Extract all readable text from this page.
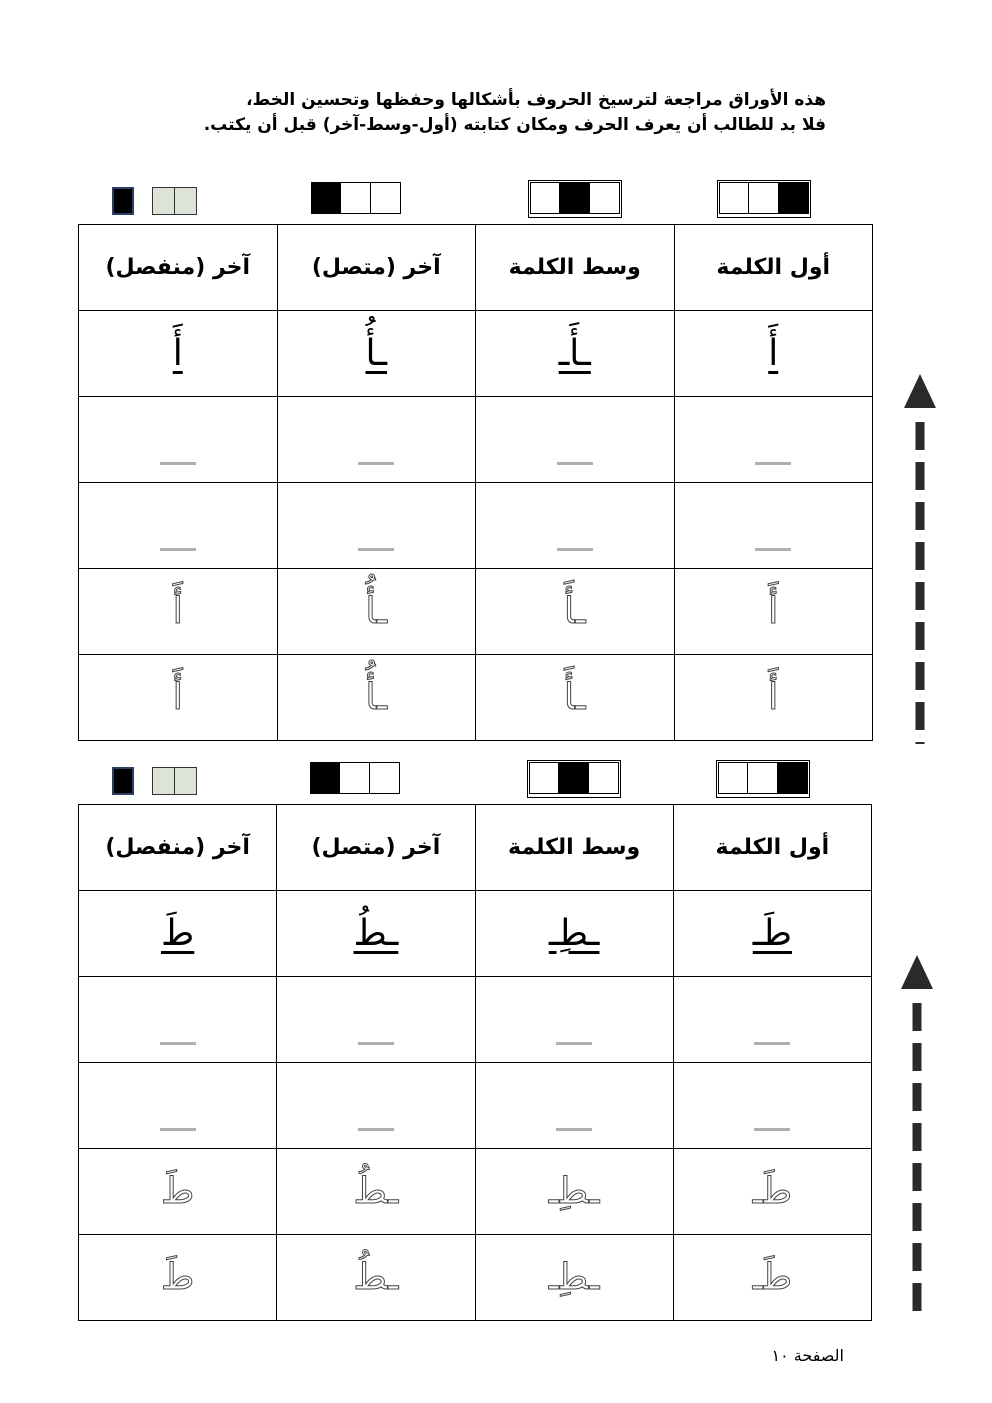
هذه الأوراق مراجعة لترسيخ الحروف بأشكالها وحفظها وتحسين الخط،
فلا بد للطالب أن يعرف الحرف ومكان كتابته (أول-وسط-آخر) قبل أن يكتب.
أول الكلمة	وسط الكلمة	آخر (متصل)	آخر (منفصل)
أَ	ـأَـ	ـأُ	أَ

أَ	ـأَ	ـأُ	أَ
أَ	ـأَ	ـأُ	أَ
أول الكلمة	وسط الكلمة	آخر (متصل)	آخر (منفصل)
طَـ	ـطِـ	ـطُ	طَ

طَـ	ـطِـ	ـطُ	طَ
طَـ	ـطِـ	ـطُ	طَ
الصفحة ١٠
